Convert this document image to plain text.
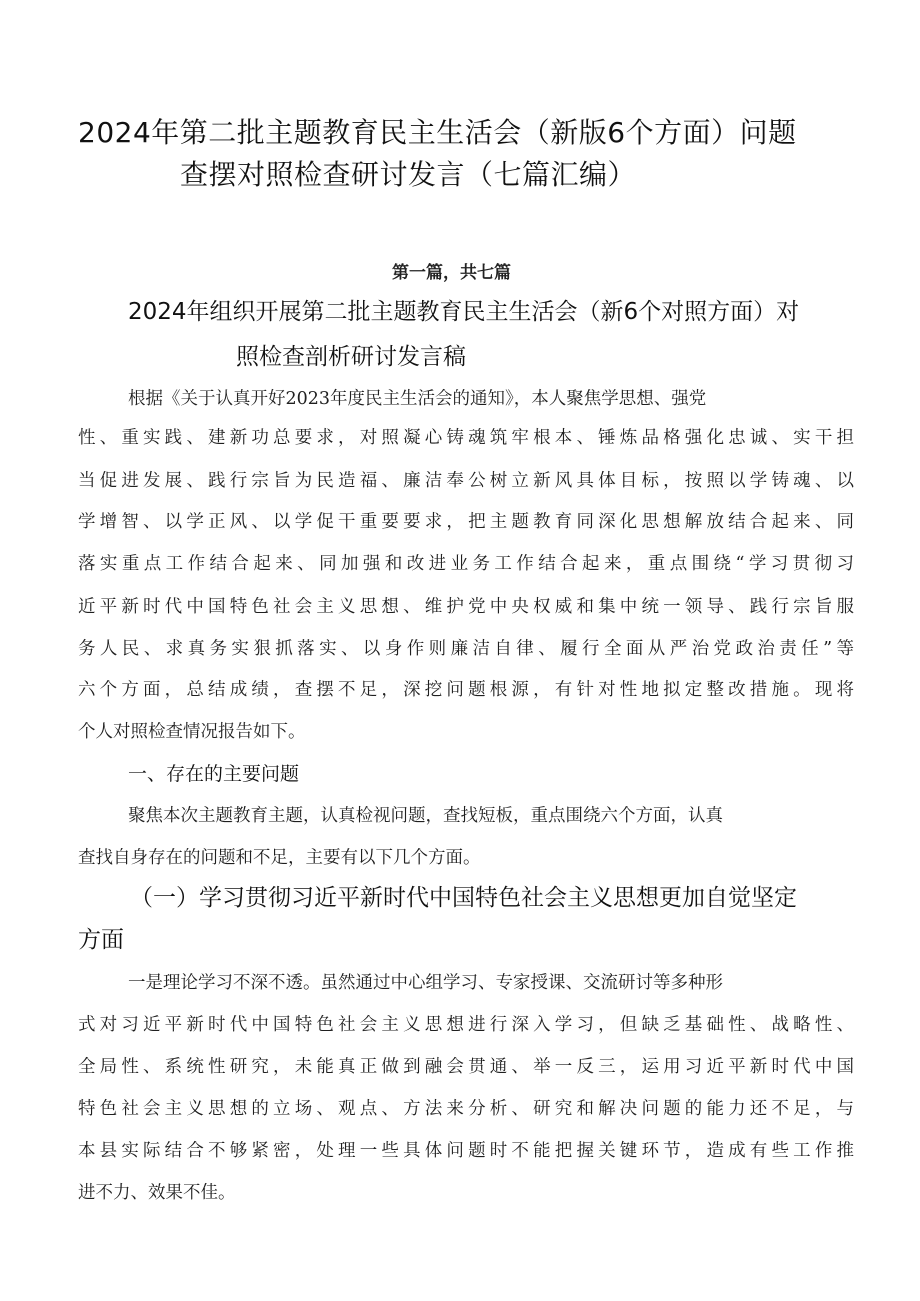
2024年第二批主题教育民主生活会（新版6个方面）问题
查摆对照检查研讨发言（七篇汇编）
第一篇，共七篇
2024年组织开展第二批主题教育民主生活会（新6个对照方面）对
照检查剖析研讨发言稿
根据《关于认真开好2023年度民主生活会的通知》，本人聚焦学思想、强党
性、重实践、建新功总要求，对照凝心铸魂筑牢根本、锤炼品格强化忠诚、实干担
当促进发展、践行宗旨为民造福、廉洁奉公树立新风具体目标，按照以学铸魂、以
学增智、以学正风、以学促干重要要求，把主题教育同深化思想解放结合起来、同
落实重点工作结合起来、同加强和改进业务工作结合起来，重点围绕“学习贯彻习
近平新时代中国特色社会主义思想、维护党中央权威和集中统一领导、践行宗旨服
务人民、求真务实狠抓落实、以身作则廉洁自律、履行全面从严治党政治责任”等
六个方面，总结成绩，查摆不足，深挖问题根源，有针对性地拟定整改措施。现将
个人对照检查情况报告如下。
一、存在的主要问题
聚焦本次主题教育主题，认真检视问题，查找短板，重点围绕六个方面，认真
查找自身存在的问题和不足，主要有以下几个方面。
（一）学习贯彻习近平新时代中国特色社会主义思想更加自觉坚定
方面
一是理论学习不深不透。虽然通过中心组学习、专家授课、交流研讨等多种形
式对习近平新时代中国特色社会主义思想进行深入学习，但缺乏基础性、战略性、
全局性、系统性研究，未能真正做到融会贯通、举一反三，运用习近平新时代中国
特色社会主义思想的立场、观点、方法来分析、研究和解决问题的能力还不足，与
本县实际结合不够紧密，处理一些具体问题时不能把握关键环节，造成有些工作推
进不力、效果不佳。
